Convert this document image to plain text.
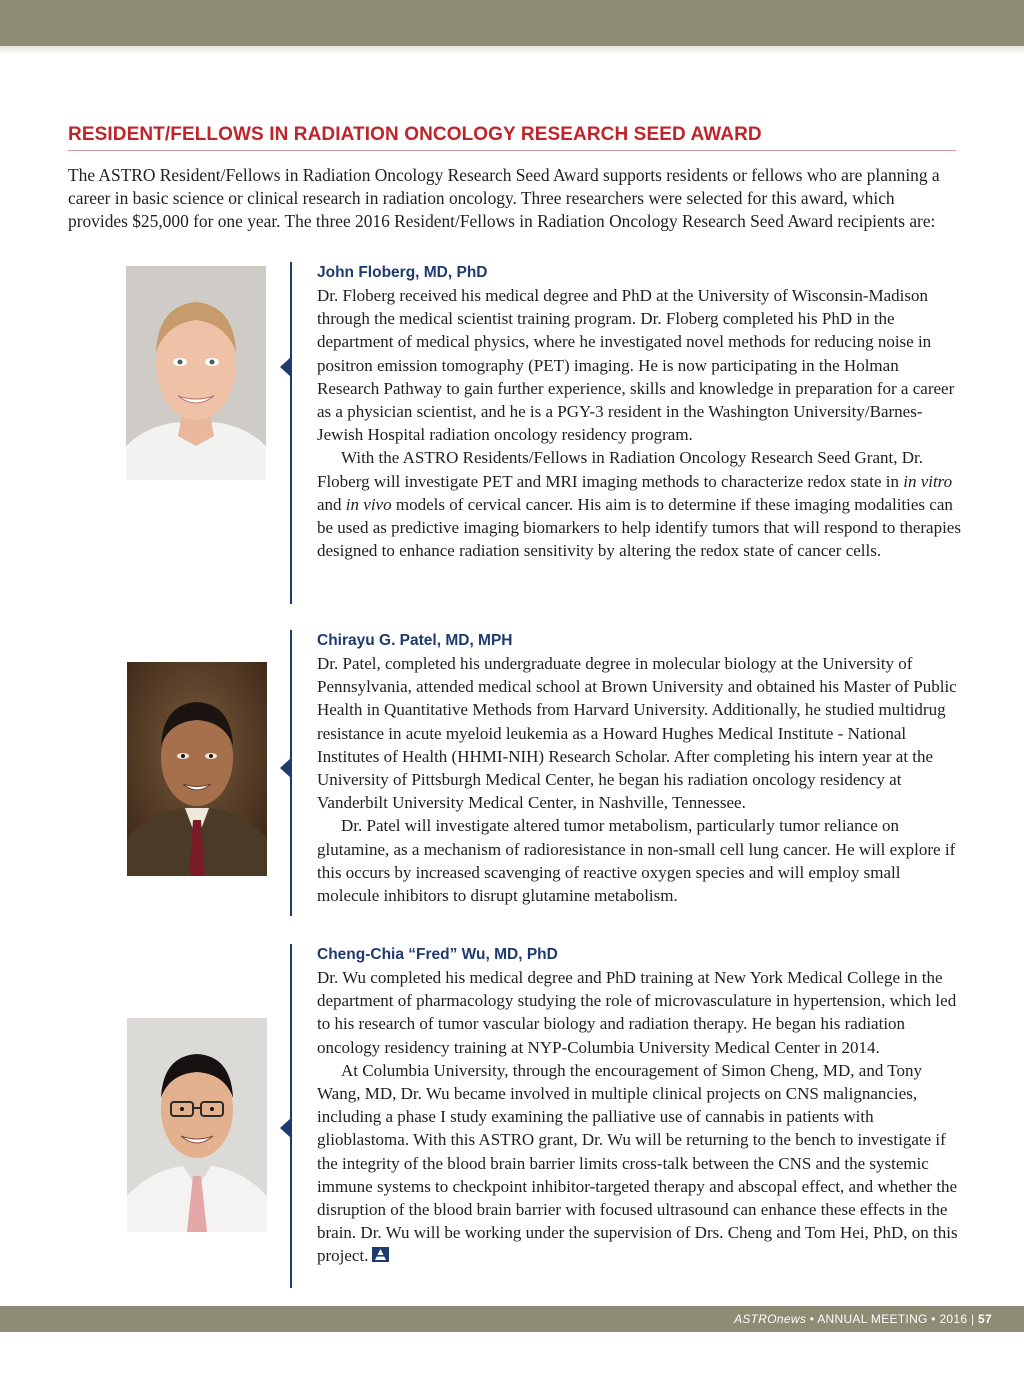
RESIDENT/FELLOWS IN RADIATION ONCOLOGY RESEARCH SEED AWARD

The ASTRO Resident/Fellows in Radiation Oncology Research Seed Award supports residents or fellows who are planning a career in basic science or clinical research in radiation oncology. Three researchers were selected for this award, which provides $25,000 for one year. The three 2016 Resident/Fellows in Radiation Oncology Research Seed Award recipients are:

John Floberg, MD, PhD

Dr. Floberg received his medical degree and PhD at the University of Wisconsin-Madison through the medical scientist training program. Dr. Floberg completed his PhD in the department of medical physics, where he investigated novel methods for reducing noise in positron emission tomography (PET) imaging. He is now participating in the Holman Research Pathway to gain further experience, skills and knowledge in preparation for a career as a physician scientist, and he is a PGY-3 resident in the Washington University/Barnes-Jewish Hospital radiation oncology residency program.

With the ASTRO Residents/Fellows in Radiation Oncology Research Seed Grant, Dr. Floberg will investigate PET and MRI imaging methods to characterize redox state in in vitro and in vivo models of cervical cancer. His aim is to determine if these imaging modalities can be used as predictive imaging biomarkers to help identify tumors that will respond to therapies designed to enhance radiation sensitivity by altering the redox state of cancer cells.

Chirayu G. Patel, MD, MPH

Dr. Patel, completed his undergraduate degree in molecular biology at the University of Pennsylvania, attended medical school at Brown University and obtained his Master of Public Health in Quantitative Methods from Harvard University. Additionally, he studied multidrug resistance in acute myeloid leukemia as a Howard Hughes Medical Institute - National Institutes of Health (HHMI-NIH) Research Scholar. After completing his intern year at the University of Pittsburgh Medical Center, he began his radiation oncology residency at Vanderbilt University Medical Center, in Nashville, Tennessee.

Dr. Patel will investigate altered tumor metabolism, particularly tumor reliance on glutamine, as a mechanism of radioresistance in non-small cell lung cancer. He will explore if this occurs by increased scavenging of reactive oxygen species and will employ small molecule inhibitors to disrupt glutamine metabolism.

Cheng-Chia “Fred” Wu, MD, PhD

Dr. Wu completed his medical degree and PhD training at New York Medical College in the department of pharmacology studying the role of microvasculature in hypertension, which led to his research of tumor vascular biology and radiation therapy. He began his radiation oncology residency training at NYP-Columbia University Medical Center in 2014.

At Columbia University, through the encouragement of Simon Cheng, MD, and Tony Wang, MD, Dr. Wu became involved in multiple clinical projects on CNS malignancies, including a phase I study examining the palliative use of cannabis in patients with glioblastoma. With this ASTRO grant, Dr. Wu will be returning to the bench to investigate if the integrity of the blood brain barrier limits cross-talk between the CNS and the systemic immune systems to checkpoint inhibitor-targeted therapy and abscopal effect, and whether the disruption of the blood brain barrier with focused ultrasound can enhance these effects in the brain. Dr. Wu will be working under the supervision of Drs. Cheng and Tom Hei, PhD, on this project.

ASTROnews • ANNUAL MEETING • 2016 | 57
